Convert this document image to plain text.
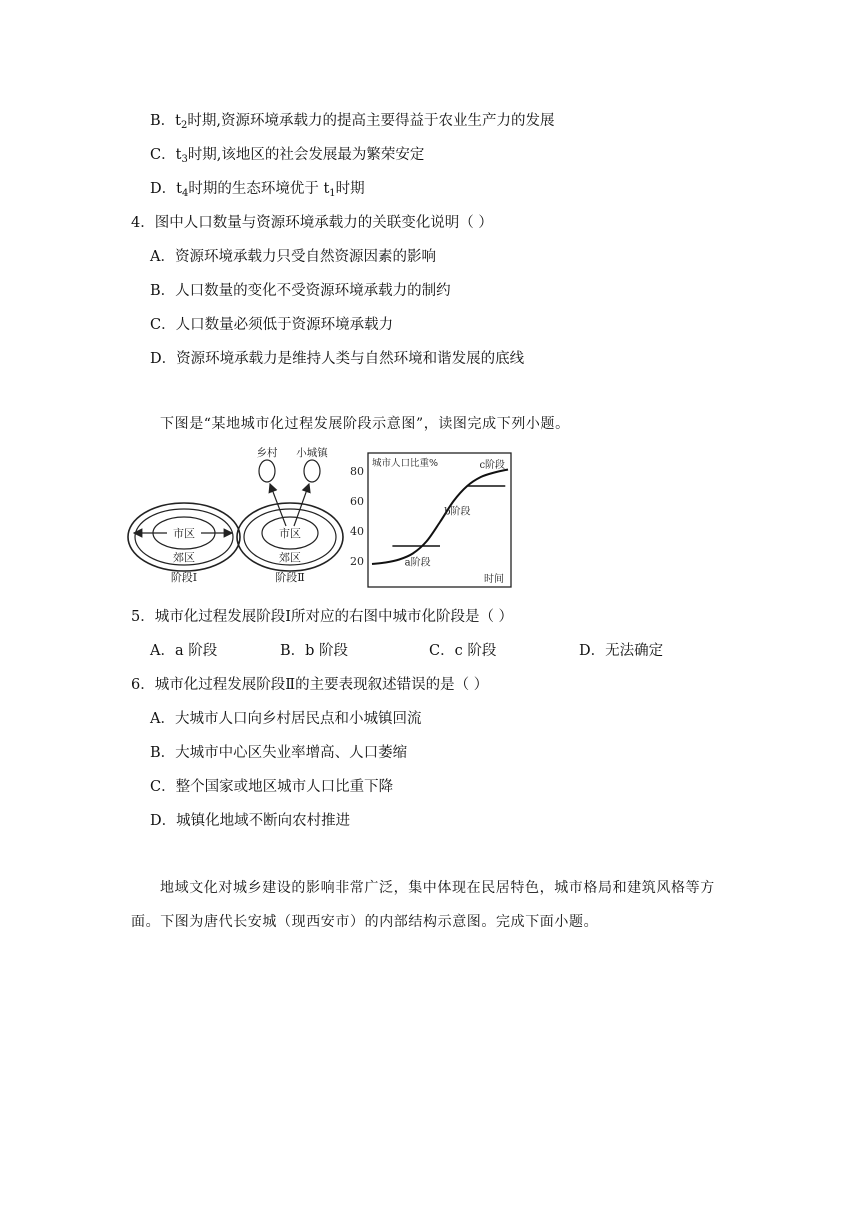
B．$t_2$时期,资源环境承载力的提高主要得益于农业生产力的发展
C．$t_3$时期,该地区的社会发展最为繁荣安定
D．$t_4$时期的生态环境优于 $t_1$时期
4．图中人口数量与资源环境承载力的关联变化说明（ ）
A．资源环境承载力只受自然资源因素的影响
B．人口数量的变化不受资源环境承载力的制约
C．人口数量必须低于资源环境承载力
D．资源环境承载力是维持人类与自然环境和谐发展的底线
下图是“某地城市化过程发展阶段示意图”，读图完成下列小题。
市区
郊区
阶段Ⅰ
乡村 小城镇
市区
郊区
阶段Ⅱ
城市人口比重%
时间
20
40
60
80
a阶段
b阶段
c阶段
5．城市化过程发展阶段Ⅰ所对应的右图中城市化阶段是（ ）
A．a 阶段	B．b 阶段	C．c 阶段	D．无法确定
6．城市化过程发展阶段Ⅱ的主要表现叙述错误的是（ ）
A．大城市人口向乡村居民点和小城镇回流
B．大城市中心区失业率增高、人口萎缩
C．整个国家或地区城市人口比重下降
D．城镇化地域不断向农村推进
地域文化对城乡建设的影响非常广泛，集中体现在民居特色，城市格局和建筑风格等方
面。下图为唐代长安城（现西安市）的内部结构示意图。完成下面小题。
